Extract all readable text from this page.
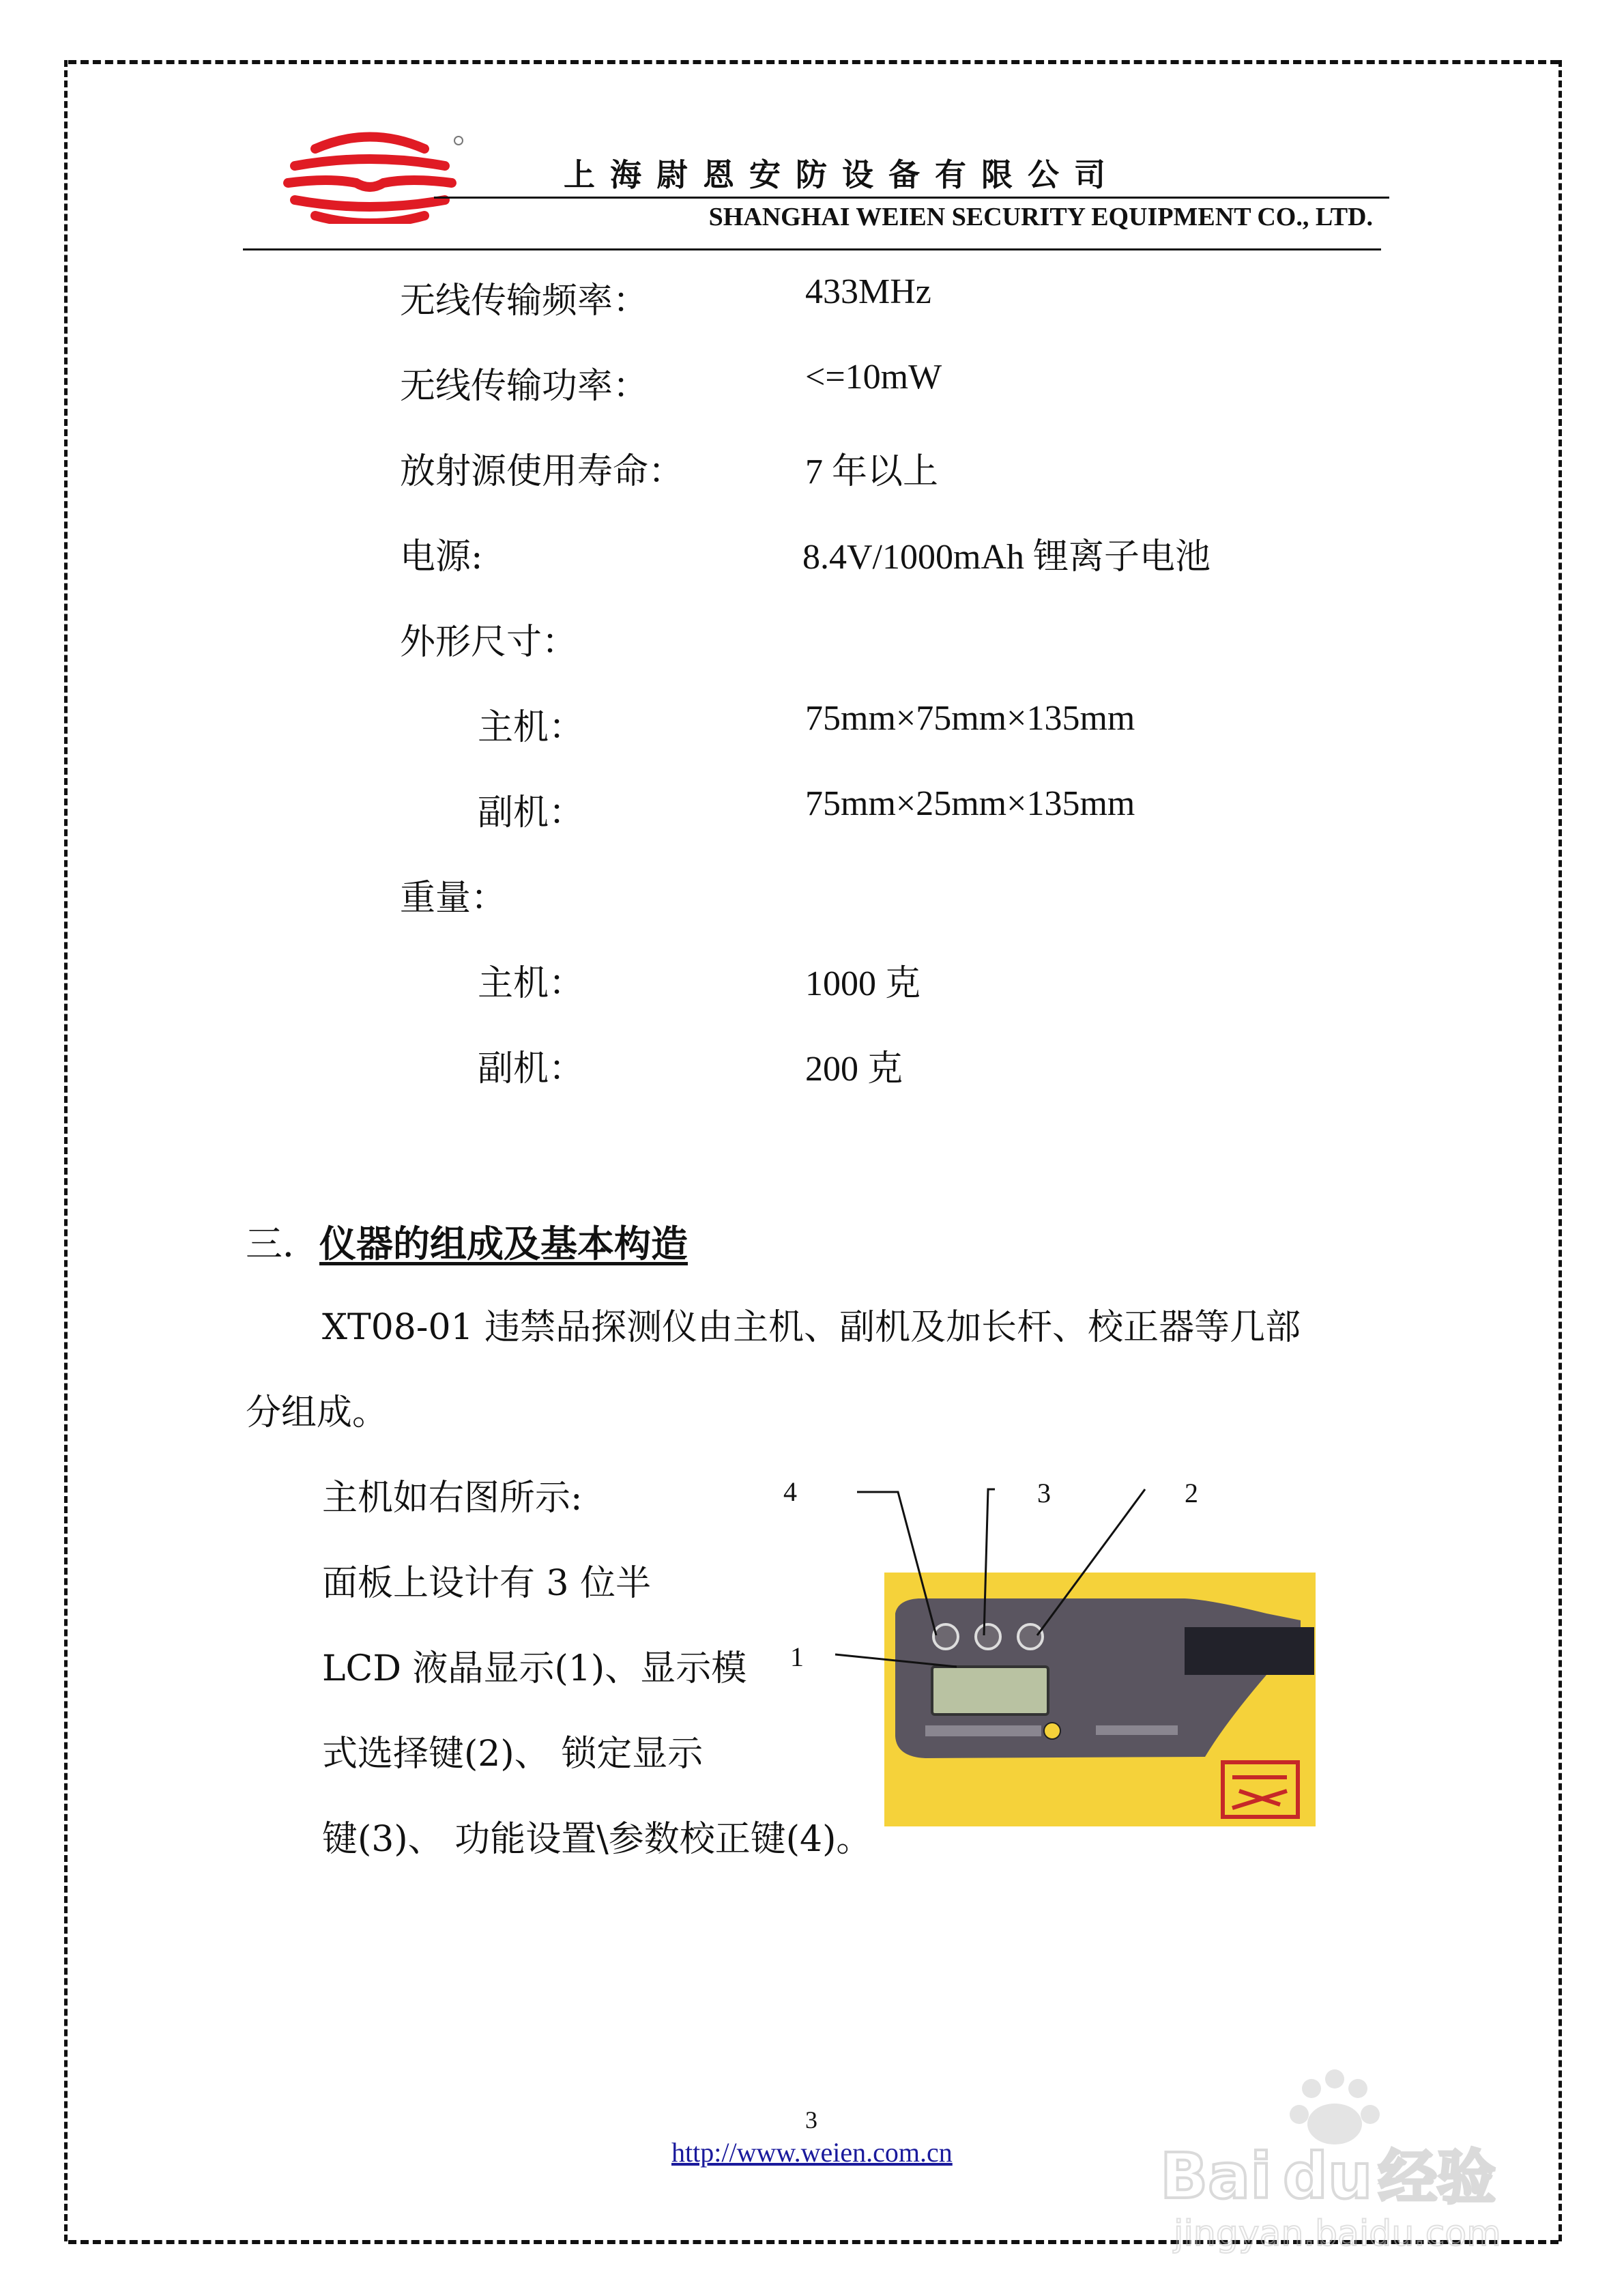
上海尉恩安防设备有限公司
SHANGHAI WEIEN SECURITY EQUIPMENT CO., LTD.
无线传输频率：	433MHz
无线传输功率：	<=10mW
放射源使用寿命：	7 年以上
电源:	8.4V/1000mAh 锂离子电池
外形尺寸：
主机：	75mm×75mm×135mm
副机：	75mm×25mm×135mm
重量：
主机：	1000 克
副机：	200 克
三．仪器的组成及基本构造
XT08-01 违禁品探测仪由主机、副机及加长杆、校正器等几部
分组成。
主机如右图所示:
面板上设计有 3 位半
LCD 液晶显示(1)、显示模
式选择键(2)、 锁定显示
键(3)、 功能设置\参数校正键(4)。
4	3	2
1
3
http://www.weien.com.cn	Bai du 经验
jingyan.baidu.com
